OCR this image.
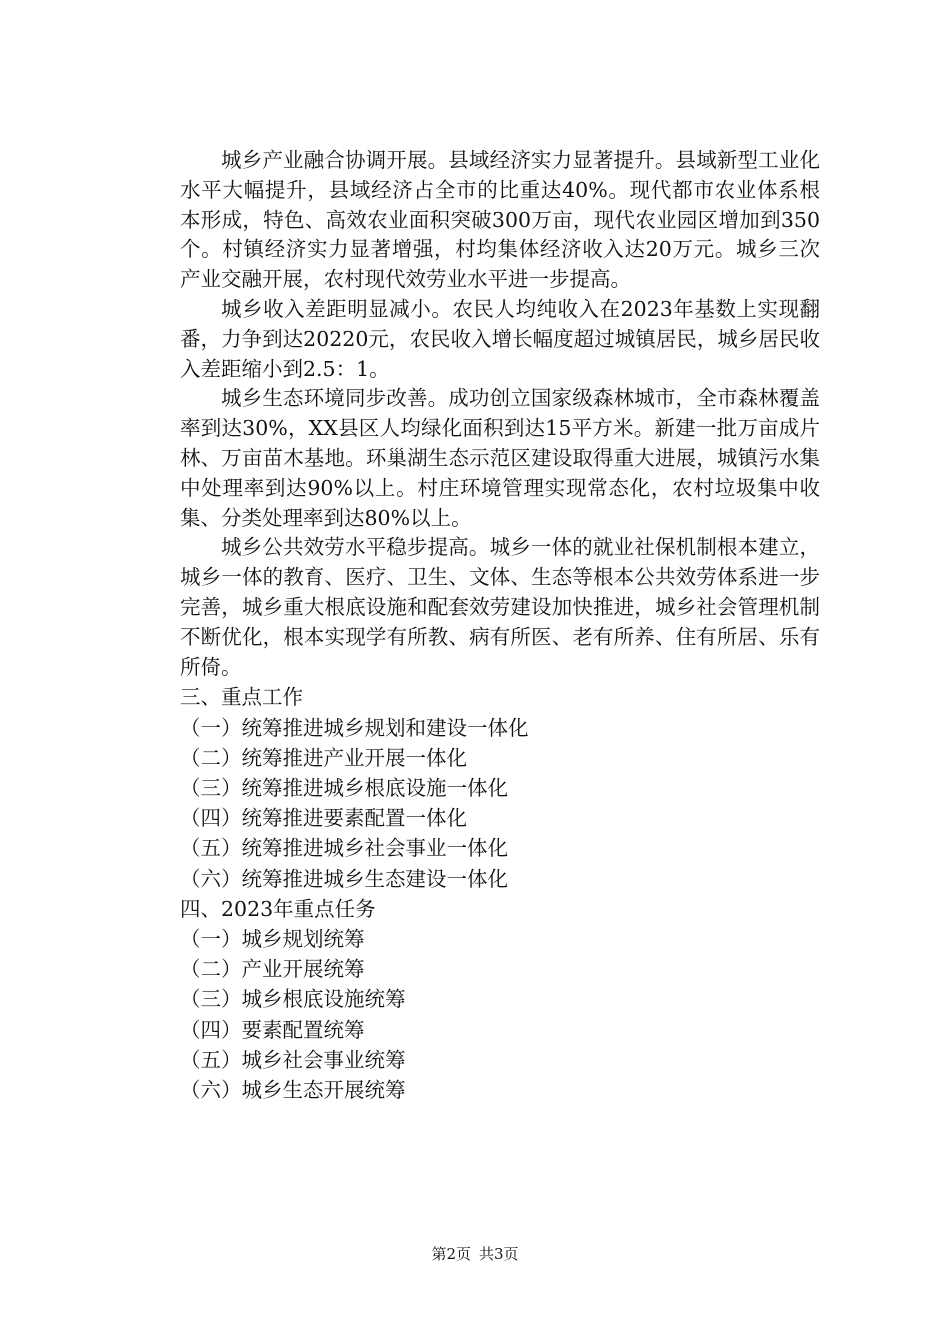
城乡产业融合协调开展。县域经济实力显著提升。县域新型工业化水平大幅提升，县域经济占全市的比重达40%。现代都市农业体系根本形成，特色、高效农业面积突破300万亩，现代农业园区增加到350个。村镇经济实力显著增强，村均集体经济收入达20万元。城乡三次产业交融开展，农村现代效劳业水平进一步提高。

城乡收入差距明显减小。农民人均纯收入在2023年基数上实现翻番，力争到达20220元，农民收入增长幅度超过城镇居民，城乡居民收入差距缩小到2.5：1。

城乡生态环境同步改善。成功创立国家级森林城市，全市森林覆盖率到达30%，XX县区人均绿化面积到达15平方米。新建一批万亩成片林、万亩苗木基地。环巢湖生态示范区建设取得重大进展，城镇污水集中处理率到达90%以上。村庄环境管理实现常态化，农村垃圾集中收集、分类处理率到达80%以上。

城乡公共效劳水平稳步提高。城乡一体的就业社保机制根本建立，城乡一体的教育、医疗、卫生、文体、生态等根本公共效劳体系进一步完善，城乡重大根底设施和配套效劳建设加快推进，城乡社会管理机制不断优化，根本实现学有所教、病有所医、老有所养、住有所居、乐有所倚。

三、重点工作

（一）统筹推进城乡规划和建设一体化

（二）统筹推进产业开展一体化

（三）统筹推进城乡根底设施一体化

（四）统筹推进要素配置一体化

（五）统筹推进城乡社会事业一体化

（六）统筹推进城乡生态建设一体化

四、2023年重点任务

（一）城乡规划统筹

（二）产业开展统筹

（三）城乡根底设施统筹

（四）要素配置统筹

（五）城乡社会事业统筹

（六）城乡生态开展统筹

第2页 共3页
